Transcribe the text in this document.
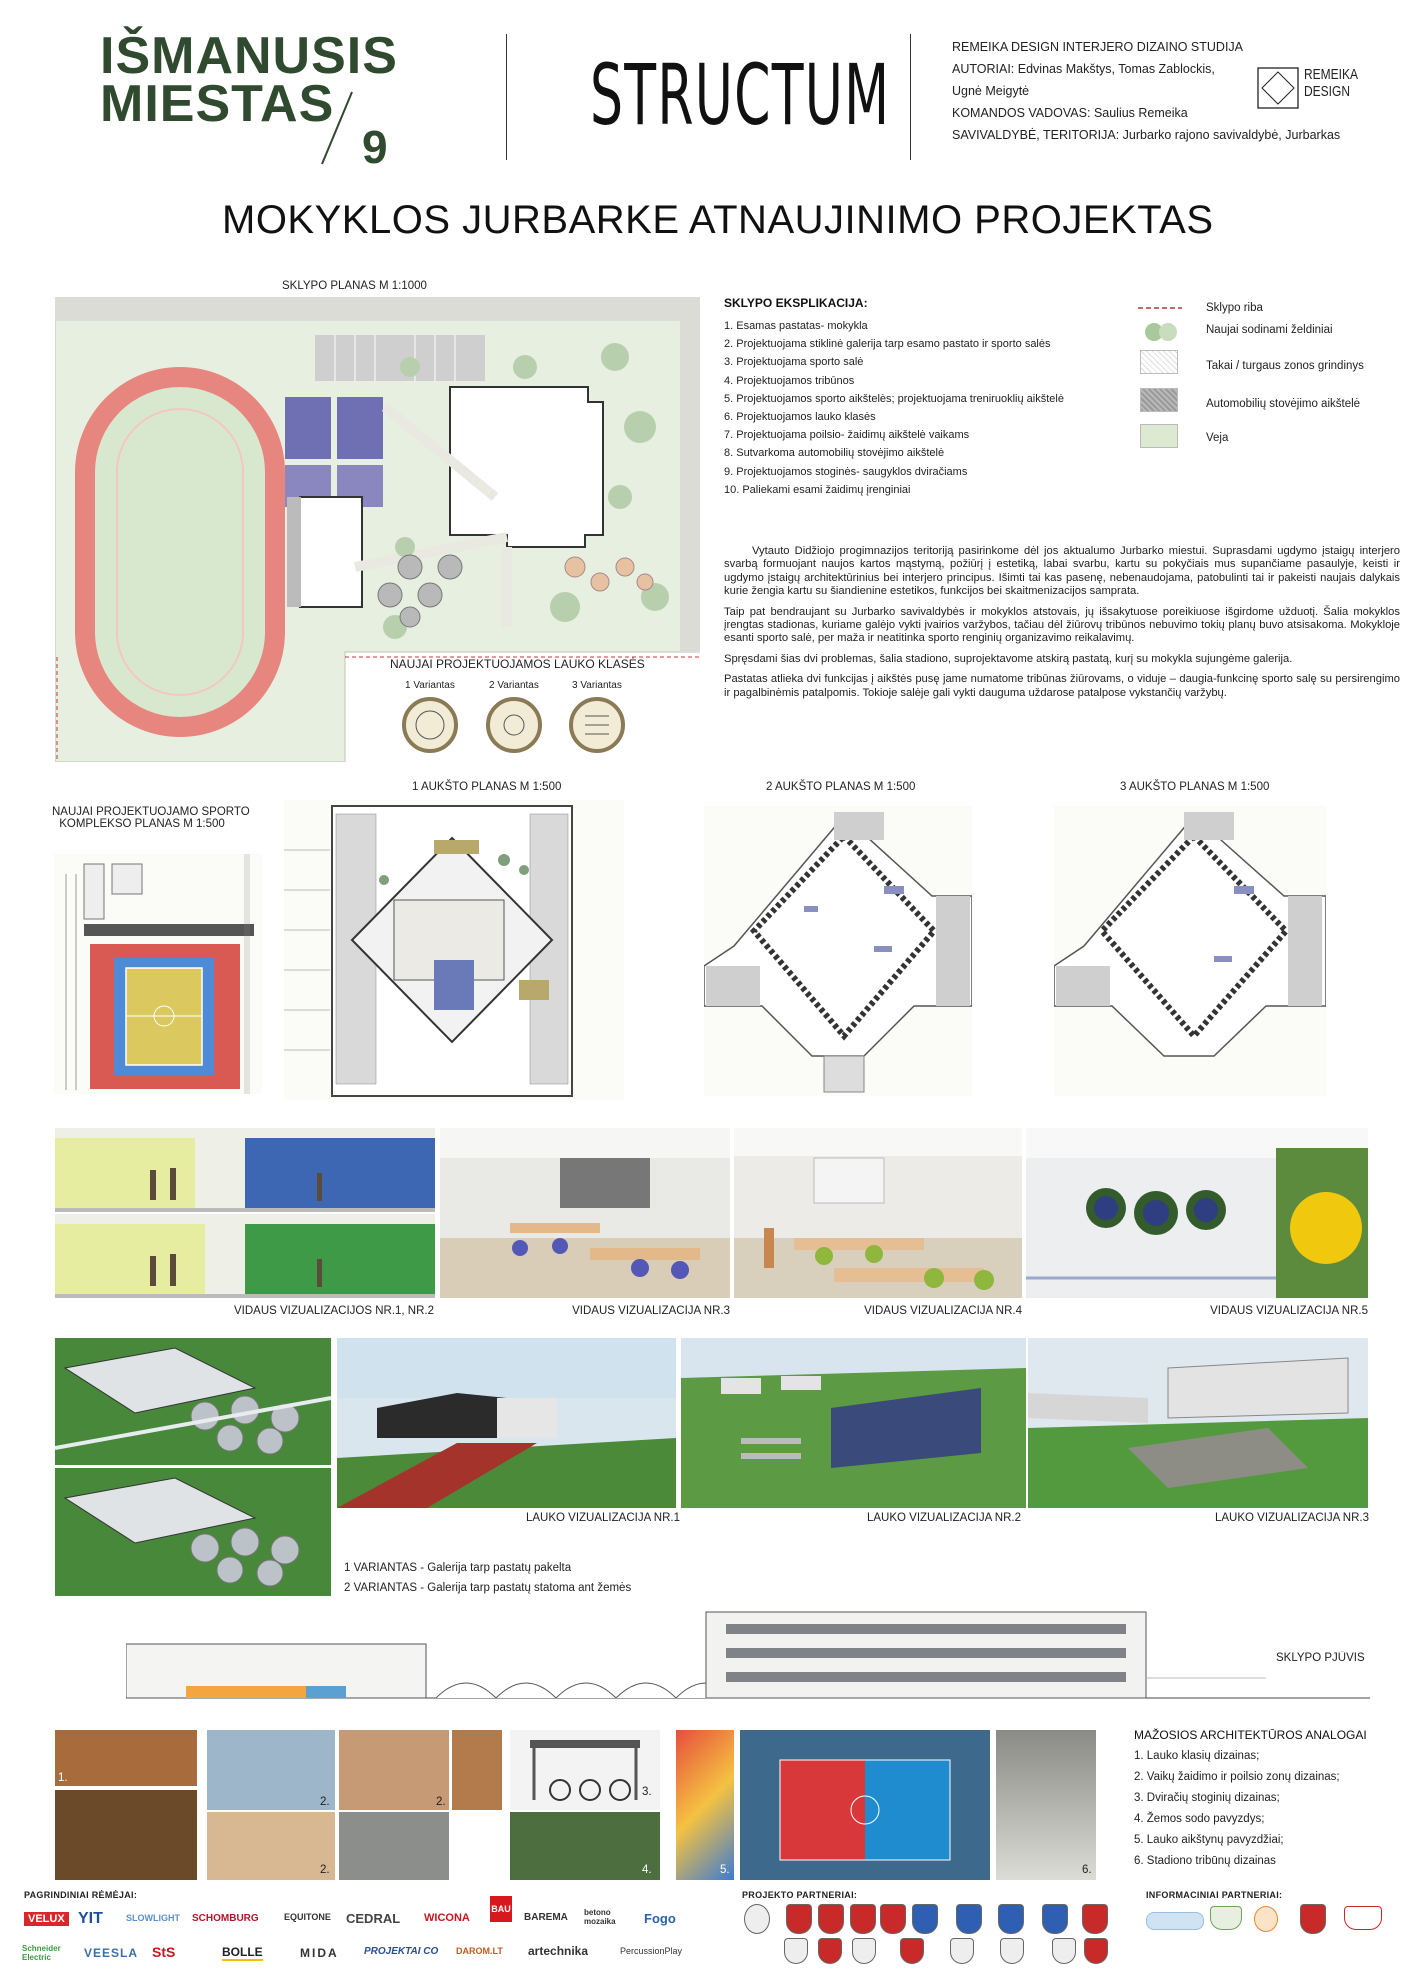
IŠMANUSIS
MIESTAS
9
STRUCTUM	REMEIKA DESIGN INTERJERO DIZAINO STUDIJA
AUTORIAI: Edvinas Makštys, Tomas Zablockis,
Ugnė Meigytė
KOMANDOS VADOVAS: Saulius Remeika
SAVIVALDYBĖ, TERITORIJA: Jurbarko rajono savivaldybė, Jurbarkas
REMEIKA
DESIGN
MOKYKLOS JURBARKE ATNAUJINIMO PROJEKTAS
SKLYPO PLANAS M 1:1000
NAUJAI PROJEKTUOJAMOS LAUKO KLASĖS
1 Variantas	2 Variantas	3 Variantas
SKLYPO EKSPLIKACIJA:
1. Esamas pastatas- mokykla
2. Projektuojama stiklinė galerija tarp esamo pastato ir sporto salės
3. Projektuojama sporto salė
4. Projektuojamos tribūnos
5. Projektuojamos sporto aikštelės; projektuojama treniruoklių aikštelė
6. Projektuojamos lauko klasės
7. Projektuojama poilsio- žaidimų aikštelė vaikams
8. Sutvarkoma automobilių stovėjimo aikštelė
9. Projektuojamos stoginės- saugyklos dviračiams
10. Paliekami esami žaidimų įrenginiai
Sklypo riba
Naujai sodinami želdiniai
Takai / turgaus zonos grindinys
Automobilių stovėjimo aikštelė
Veja

Vytauto Didžiojo progimnazijos teritoriją pasirinkome dėl jos aktualumo Jurbarko miestui. Suprasdami ugdymo įstaigų interjero svarbą formuojant naujos kartos mąstymą, požiūrį į estetiką, labai svarbu, kartu su pokyčiais mus supančiame pasaulyje, keisti ir ugdymo įstaigų architektūrinius bei interjero principus. Išimti tai kas pasenę, nebenaudojama, patobulinti tai ir pakeisti naujais dalykais kurie žengia kartu su šiandienine estetikos, funkcijos bei skaitmenizacijos samprata.

Taip pat bendraujant su Jurbarko savivaldybės ir mokyklos atstovais, jų išsakytuose poreikiuose išgirdome užduotį. Šalia mokyklos įrengtas stadionas, kuriame galėjo vykti įvairios varžybos, tačiau dėl žiūrovų tribūnos nebuvimo tokių planų buvo atsisakoma. Mokykloje esanti sporto salė, per maža ir neatitinka sporto renginių organizavimo reikalavimų.

Spręsdami šias dvi problemas, šalia stadiono, suprojektavome atskirą pastatą, kurį su mokykla sujungėme galerija.

Pastatas atlieka dvi funkcijas į aikštės pusę jame numatome tribūnas žiūrovams, o viduje – daugia-funkcinę sporto salę su persirengimo ir pagalbinėmis patalpomis. Tokioje salėje gali vykti dauguma uždarose patalpose vykstančių varžybų.

1 AUKŠTO PLANAS M 1:500	2 AUKŠTO PLANAS M 1:500	3 AUKŠTO PLANAS M 1:500
NAUJAI PROJEKTUOJAMO SPORTO
KOMPLEKSO PLANAS M 1:500
VIDAUS VIZUALIZACIJOS NR.1, NR.2	VIDAUS VIZUALIZACIJA NR.3	VIDAUS VIZUALIZACIJA NR.4	VIDAUS VIZUALIZACIJA NR.5
LAUKO VIZUALIZACIJA NR.1	LAUKO VIZUALIZACIJA NR.2	LAUKO VIZUALIZACIJA NR.3
1 VARIANTAS - Galerija tarp pastatų pakelta
2 VARIANTAS - Galerija tarp pastatų statoma ant žemės
SKLYPO PJŪVIS
1.
2.	2.
2.
3.
4.	5.	6.
MAŽOSIOS ARCHITEKTŪROS ANALOGAI
1. Lauko klasių dizainas;
2. Vaikų žaidimo ir poilsio zonų dizainas;
3. Dviračių stoginių dizainas;
4. Žemos sodo pavyzdys;
5. Lauko aikštynų pavyzdžiai;
6. Stadiono tribūnų dizainas
PAGRINDINIAI RĖMĖJAI:	PROJEKTO PARTNERIAI:	INFORMACINIAI PARTNERIAI:
VELUX YIT	SLOWLIGHT SCHOMBURG	EQUITONE CEDRAL WICONA
BAU
BAREMA betono mozaika	Fogo
Schneider Electric	VEESLA StS	BOLLE	MIDA	PROJEKTAI CO DAROM.LT artechnika	PercussionPlay
